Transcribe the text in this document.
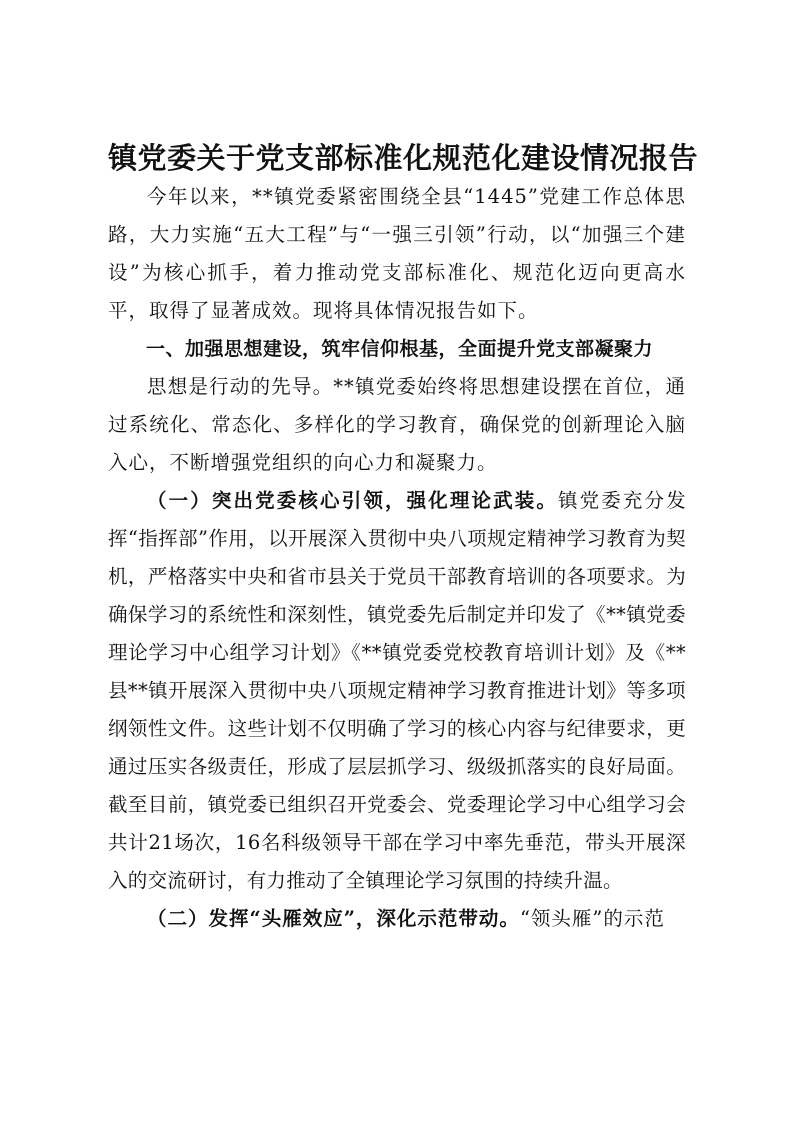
镇党委关于党支部标准化规范化建设情况报告

今年以来，**镇党委紧密围绕全县“1445”党建工作总体思路，大力实施“五大工程”与“一强三引领”行动，以“加强三个建设”为核心抓手，着力推动党支部标准化、规范化迈向更高水平，取得了显著成效。现将具体情况报告如下。

一、加强思想建设，筑牢信仰根基，全面提升党支部凝聚力

思想是行动的先导。**镇党委始终将思想建设摆在首位，通过系统化、常态化、多样化的学习教育，确保党的创新理论入脑入心，不断增强党组织的向心力和凝聚力。

（一）突出党委核心引领，强化理论武装。镇党委充分发挥“指挥部”作用，以开展深入贯彻中央八项规定精神学习教育为契机，严格落实中央和省市县关于党员干部教育培训的各项要求。为确保学习的系统性和深刻性，镇党委先后制定并印发了《**镇党委理论学习中心组学习计划》《**镇党委党校教育培训计划》及《**县**镇开展深入贯彻中央八项规定精神学习教育推进计划》等多项纲领性文件。这些计划不仅明确了学习的核心内容与纪律要求，更通过压实各级责任，形成了层层抓学习、级级抓落实的良好局面。截至目前，镇党委已组织召开党委会、党委理论学习中心组学习会共计21场次，16名科级领导干部在学习中率先垂范，带头开展深入的交流研讨，有力推动了全镇理论学习氛围的持续升温。

（二）发挥“头雁效应”，深化示范带动。“领头雁”的示范
